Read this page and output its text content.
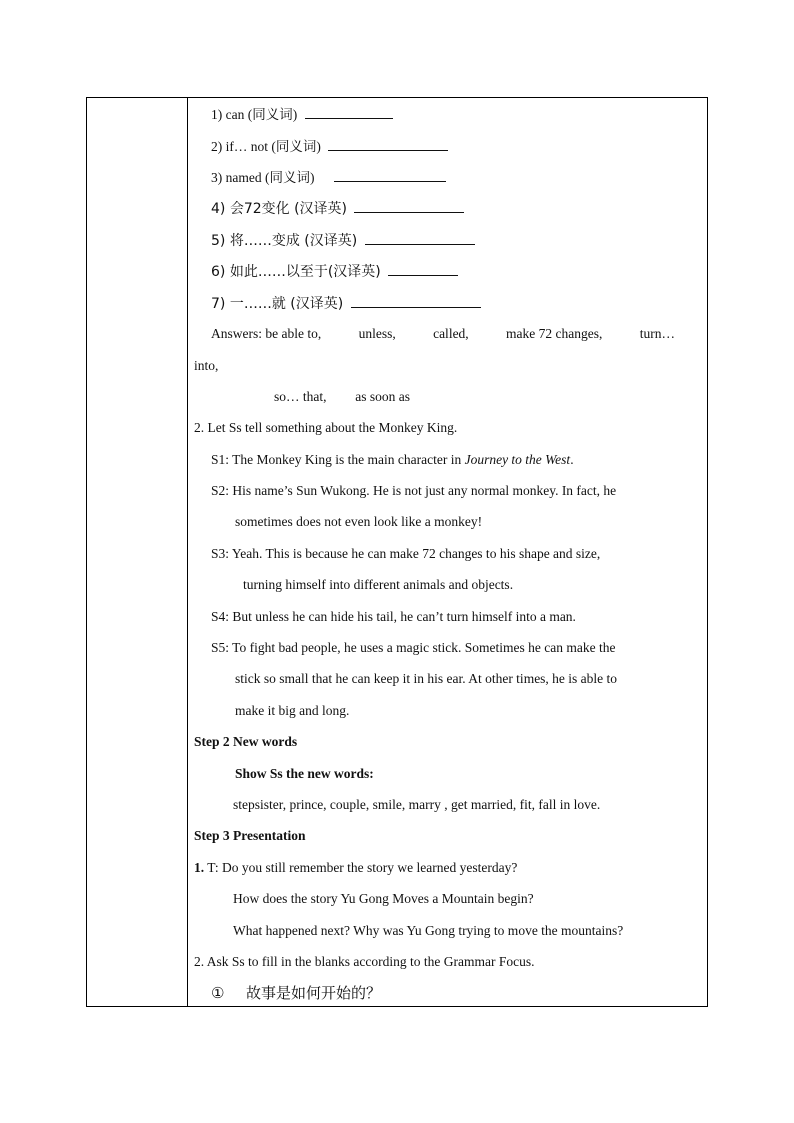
1) can (同义词)
2) if… not (同义词)
3) named (同义词)
4) 会72变化 (汉译英)
5) 将……变成 (汉译英)
6) 如此……以至于(汉译英)
7) 一……就 (汉译英)
Answers: be able to,	unless,	called,	make 72 changes,	turn…
into,
so… that, as soon as
2. Let Ss tell something about the Monkey King.
S1: The Monkey King is the main character in Journey to the West.
S2: His name’s Sun Wukong. He is not just any normal monkey. In fact, he
sometimes does not even look like a monkey!
S3: Yeah. This is because he can make 72 changes to his shape and size,
turning himself into different animals and objects.
S4: But unless he can hide his tail, he can’t turn himself into a man.
S5: To fight bad people, he uses a magic stick. Sometimes he can make the
stick so small that he can keep it in his ear. At other times, he is able to
make it big and long.
Step 2 New words
Show Ss the new words:
stepsister, prince, couple, smile, marry , get married, fit, fall in love.
Step 3 Presentation
1. T: Do you still remember the story we learned yesterday?
How does the story Yu Gong Moves a Mountain begin?
What happened next? Why was Yu Gong trying to move the mountains?
2. Ask Ss to fill in the blanks according to the Grammar Focus.
① 故事是如何开始的？
